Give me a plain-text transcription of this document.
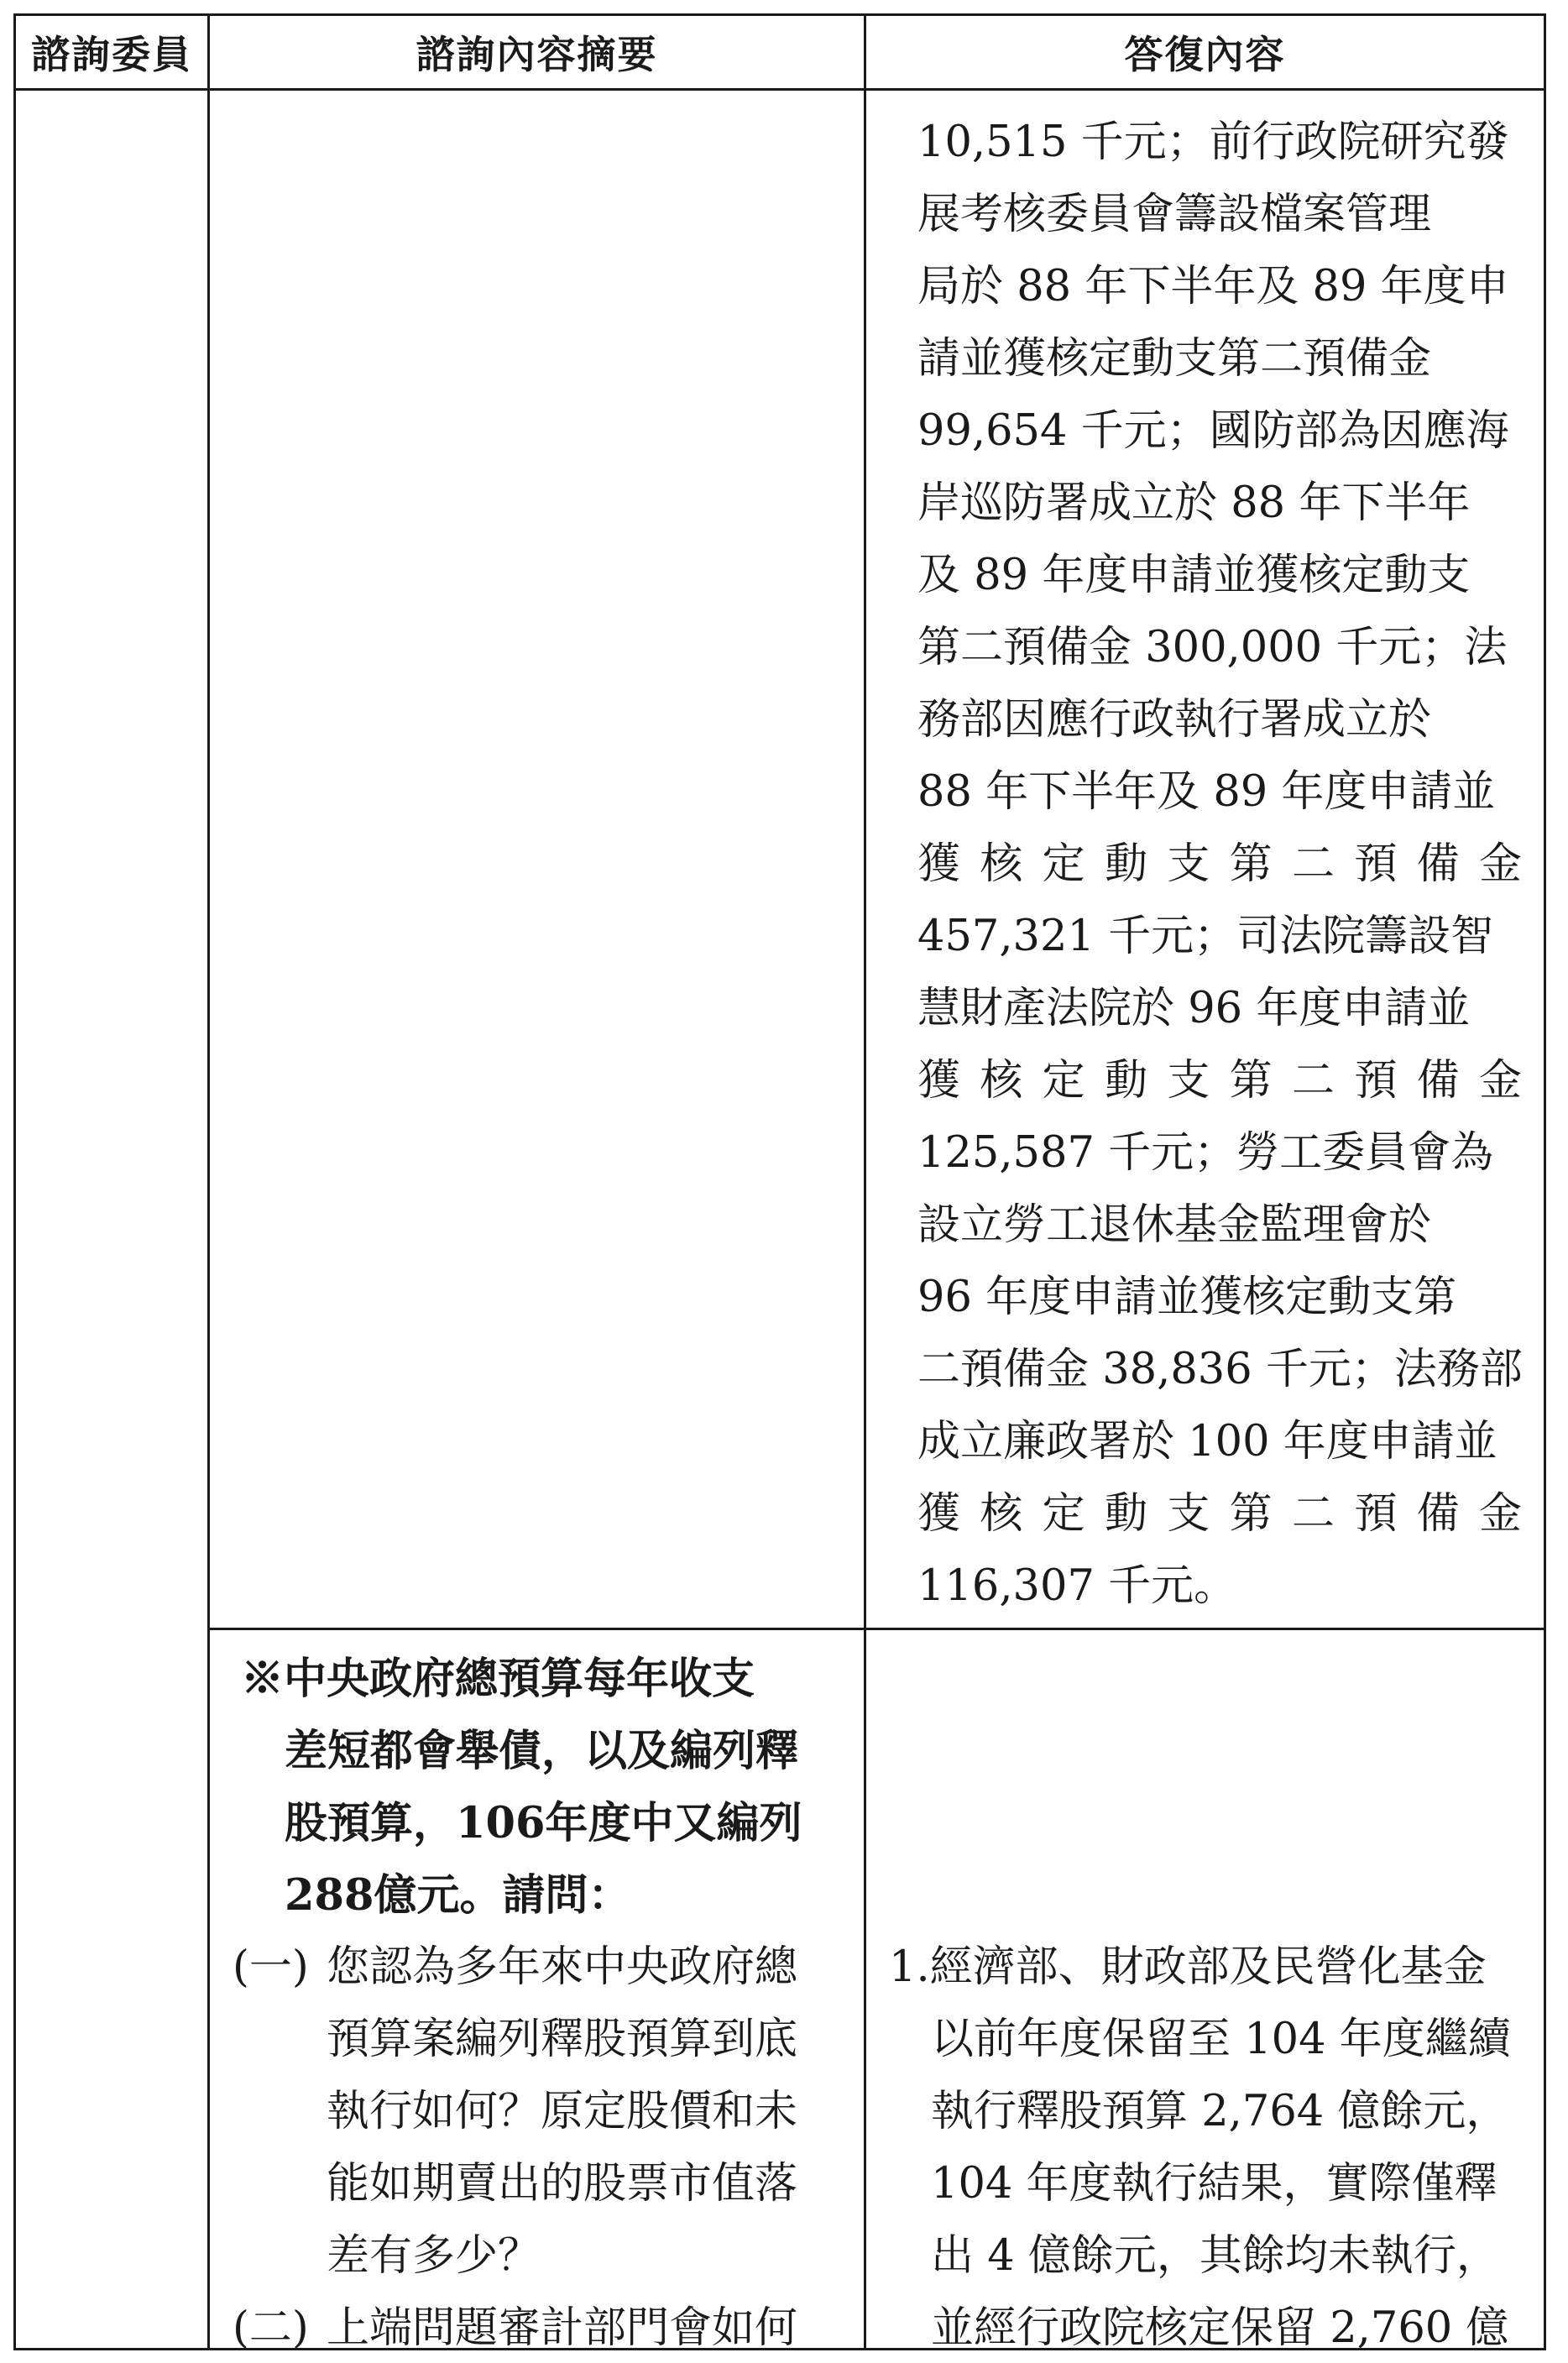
諮詢委員	諮詢內容摘要	答復內容
10,515 千元；前行政院研究發
展考核委員會籌設檔案管理
局於 88 年下半年及 89 年度申
請並獲核定動支第二預備金
99,654 千元；國防部為因應海
岸巡防署成立於 88 年下半年
及 89 年度申請並獲核定動支
第二預備金 300,000 千元；法
務部因應行政執行署成立於
88 年下半年及 89 年度申請並
獲核定動支第二預備金
457,321 千元；司法院籌設智
慧財產法院於 96 年度申請並
獲核定動支第二預備金
125,587 千元；勞工委員會為
設立勞工退休基金監理會於
96 年度申請並獲核定動支第
二預備金 38,836 千元；法務部
成立廉政署於 100 年度申請並
獲核定動支第二預備金
116,307 千元。
※中央政府總預算每年收支
差短都會舉債，以及編列釋
股預算，106年度中又編列
288億元。請問：
(一) 您認為多年來中央政府總
預算案編列釋股預算到底
執行如何？原定股價和未
能如期賣出的股票市值落
差有多少？
(二) 上端問題審計部門會如何
1.經濟部、財政部及民營化基金
以前年度保留至 104 年度繼續
執行釋股預算 2,764 億餘元，
104 年度執行結果，實際僅釋
出 4 億餘元，其餘均未執行，
並經行政院核定保留 2,760 億
